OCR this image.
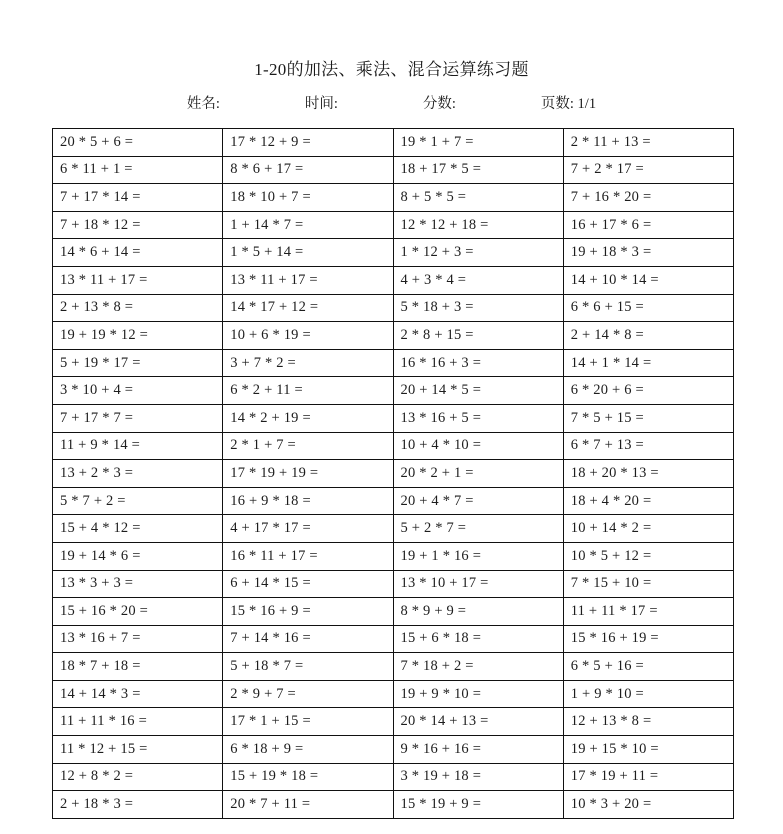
1-20的加法、乘法、混合运算练习题
姓名:	时间:	分数:	页数: 1/1
20 * 5 + 6 =	17 * 12 + 9 =	19 * 1 + 7 =	2 * 11 + 13 =
6 * 11 + 1 =	8 * 6 + 17 =	18 + 17 * 5 =	7 + 2 * 17 =
7 + 17 * 14 =	18 * 10 + 7 =	8 + 5 * 5 =	7 + 16 * 20 =
7 + 18 * 12 =	1 + 14 * 7 =	12 * 12 + 18 =	16 + 17 * 6 =
14 * 6 + 14 =	1 * 5 + 14 =	1 * 12 + 3 =	19 + 18 * 3 =
13 * 11 + 17 =	13 * 11 + 17 =	4 + 3 * 4 =	14 + 10 * 14 =
2 + 13 * 8 =	14 * 17 + 12 =	5 * 18 + 3 =	6 * 6 + 15 =
19 + 19 * 12 =	10 + 6 * 19 =	2 * 8 + 15 =	2 + 14 * 8 =
5 + 19 * 17 =	3 + 7 * 2 =	16 * 16 + 3 =	14 + 1 * 14 =
3 * 10 + 4 =	6 * 2 + 11 =	20 + 14 * 5 =	6 * 20 + 6 =
7 + 17 * 7 =	14 * 2 + 19 =	13 * 16 + 5 =	7 * 5 + 15 =
11 + 9 * 14 =	2 * 1 + 7 =	10 + 4 * 10 =	6 * 7 + 13 =
13 + 2 * 3 =	17 * 19 + 19 =	20 * 2 + 1 =	18 + 20 * 13 =
5 * 7 + 2 =	16 + 9 * 18 =	20 + 4 * 7 =	18 + 4 * 20 =
15 + 4 * 12 =	4 + 17 * 17 =	5 + 2 * 7 =	10 + 14 * 2 =
19 + 14 * 6 =	16 * 11 + 17 =	19 + 1 * 16 =	10 * 5 + 12 =
13 * 3 + 3 =	6 + 14 * 15 =	13 * 10 + 17 =	7 * 15 + 10 =
15 + 16 * 20 =	15 * 16 + 9 =	8 * 9 + 9 =	11 + 11 * 17 =
13 * 16 + 7 =	7 + 14 * 16 =	15 + 6 * 18 =	15 * 16 + 19 =
18 * 7 + 18 =	5 + 18 * 7 =	7 * 18 + 2 =	6 * 5 + 16 =
14 + 14 * 3 =	2 * 9 + 7 =	19 + 9 * 10 =	1 + 9 * 10 =
11 + 11 * 16 =	17 * 1 + 15 =	20 * 14 + 13 =	12 + 13 * 8 =
11 * 12 + 15 =	6 * 18 + 9 =	9 * 16 + 16 =	19 + 15 * 10 =
12 + 8 * 2 =	15 + 19 * 18 =	3 * 19 + 18 =	17 * 19 + 11 =
2 + 18 * 3 =	20 * 7 + 11 =	15 * 19 + 9 =	10 * 3 + 20 =
